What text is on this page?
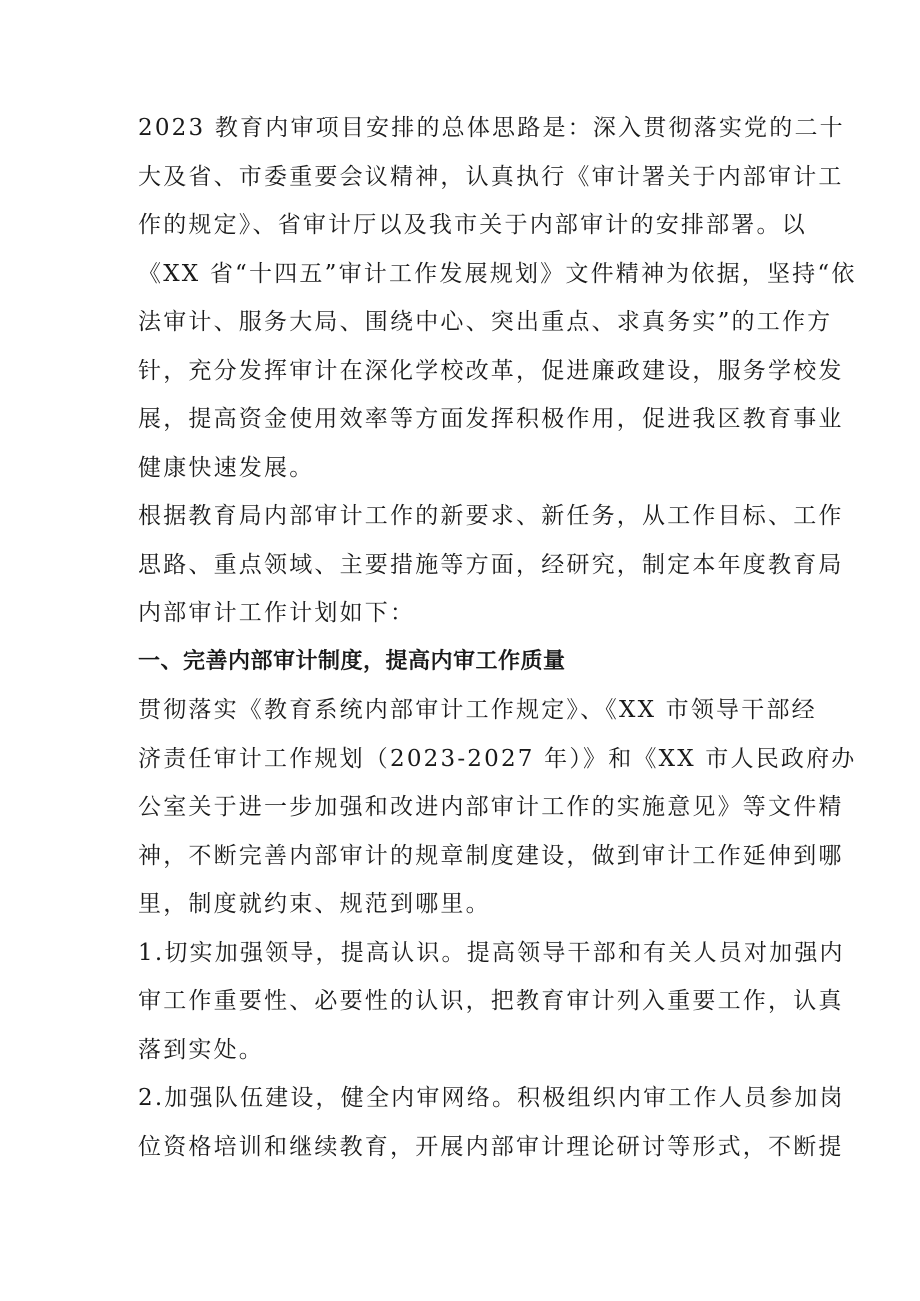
2023 教育内审项目安排的总体思路是：深入贯彻落实党的二十
大及省、市委重要会议精神，认真执行《审计署关于内部审计工
作的规定》、省审计厅以及我市关于内部审计的安排部署。以
《XX 省“十四五”审计工作发展规划》文件精神为依据，坚持“依
法审计、服务大局、围绕中心、突出重点、求真务实”的工作方
针，充分发挥审计在深化学校改革，促进廉政建设，服务学校发
展，提高资金使用效率等方面发挥积极作用，促进我区教育事业
健康快速发展。
根据教育局内部审计工作的新要求、新任务，从工作目标、工作
思路、重点领域、主要措施等方面，经研究，制定本年度教育局
内部审计工作计划如下：
一、完善内部审计制度，提高内审工作质量
贯彻落实《教育系统内部审计工作规定》、《XX 市领导干部经
济责任审计工作规划（2023-2027 年）》和《XX 市人民政府办
公室关于进一步加强和改进内部审计工作的实施意见》等文件精
神，不断完善内部审计的规章制度建设，做到审计工作延伸到哪
里，制度就约束、规范到哪里。
1.切实加强领导，提高认识。提高领导干部和有关人员对加强内
审工作重要性、必要性的认识，把教育审计列入重要工作，认真
落到实处。
2.加强队伍建设，健全内审网络。积极组织内审工作人员参加岗
位资格培训和继续教育，开展内部审计理论研讨等形式，不断提
